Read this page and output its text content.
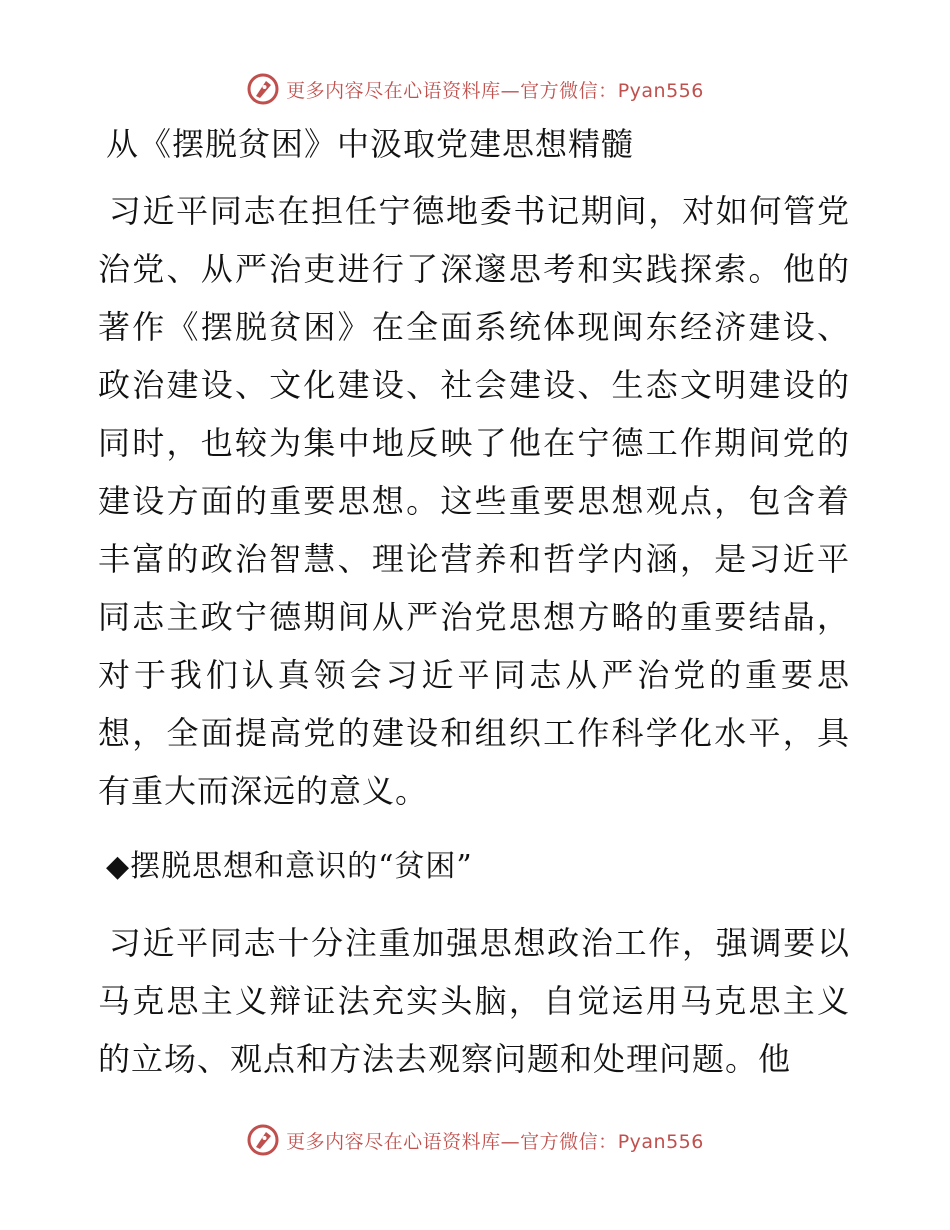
更多内容尽在心语资料库—官方微信：Pyan556
从《摆脱贫困》中汲取党建思想精髓

习近平同志在担任宁德地委书记期间，对如何管党治党、从严治吏进行了深邃思考和实践探索。他的著作《摆脱贫困》在全面系统体现闽东经济建设、政治建设、文化建设、社会建设、生态文明建设的同时，也较为集中地反映了他在宁德工作期间党的建设方面的重要思想。这些重要思想观点，包含着丰富的政治智慧、理论营养和哲学内涵，是习近平同志主政宁德期间从严治党思想方略的重要结晶，对于我们认真领会习近平同志从严治党的重要思想，全面提高党的建设和组织工作科学化水平，具有重大而深远的意义。

◆摆脱思想和意识的“贫困”

习近平同志十分注重加强思想政治工作，强调要以马克思主义辩证法充实头脑，自觉运用马克思主义的立场、观点和方法去观察问题和处理问题。他

更多内容尽在心语资料库—官方微信：Pyan556
